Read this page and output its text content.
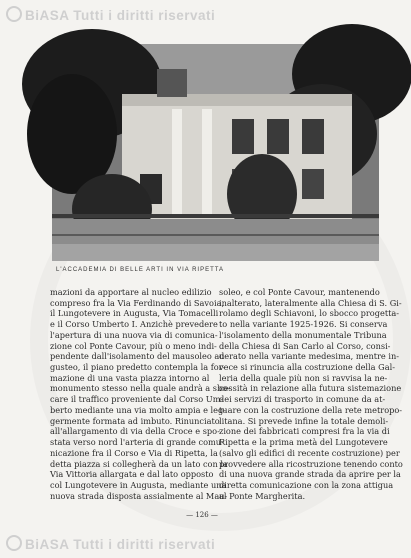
BiASA Tutti i diritti riservati
L'ACCADEMIA DI BELLE ARTI IN VIA RIPETTA
mazioni da apportare al nucleo edilizio
compreso fra la Via Ferdinando di Savoia,
il Lungotevere in Augusta, Via Tomacelli
e il Corso Umberto I. Anzichè prevedere
l'apertura di una nuova via di comunica-
zione col Ponte Cavour, più o meno indi-
pendente dall'isolamento del mausoleo au-
gusteo, il piano predetto contempla la for-
mazione di una vasta piazza intorno al
monumento stesso nella quale andrà a sbo-
care il traffico proveniente dal Corso Um-
berto mediante una via molto ampia e leg-
germente formata ad imbuto. Rinunciato
all'allargamento di via della Croce e spo-
stata verso nord l'arteria di grande comu-
nicazione fra il Corso e Via di Ripetta, la
detta piazza si collegherà da un lato con la
Via Vittoria allargata e dal lato opposto
col Lungotevere in Augusta, mediante una
nuova strada disposta assialmente al Mau-
soleo, e col Ponte Cavour, mantenendo
inalterato, lateralmente alla Chiesa di S. Gi-
rolamo degli Schiavoni, lo sbocco progetta-
to nella variante 1925-1926. Si conserva
l'isolamento della monumentale Tribuna
della Chiesa di San Carlo al Corso, consi-
derato nella variante medesima, mentre in-
vece si rinuncia alla costruzione della Gal-
leria della quale più non si ravvisa la ne-
cessità in relazione alla futura sistemazione
dei servizi di trasporto in comune da at-
tuare con la costruzione della rete metropo-
litana. Si prevede infine la totale demoli-
zione dei fabbricati compresi fra la via di
Ripetta e la prima metà del Lungotevere
(salvo gli edifici di recente costruzione) per
provvedere alla ricostruzione tenendo conto
di una nuova grande strada da aprire per la
diretta comunicazione con la zona attigua
al Ponte Margherita.
— 126 —
BiASA Tutti i diritti riservati
